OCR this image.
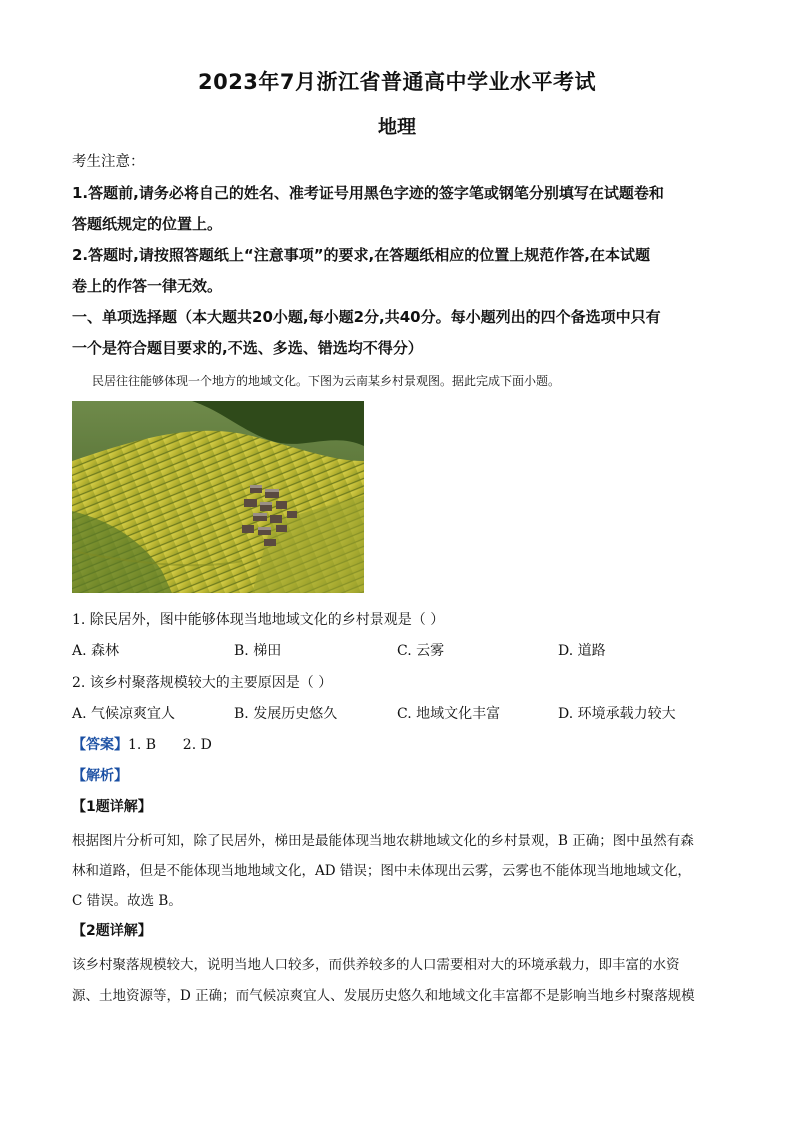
2023年7月浙江省普通高中学业水平考试
地理
考生注意：
1.答题前,请务必将自己的姓名、准考证号用黑色字迹的签字笔或钢笔分别填写在试题卷和
答题纸规定的位置上。
2.答题时,请按照答题纸上“注意事项”的要求,在答题纸相应的位置上规范作答,在本试题
卷上的作答一律无效。
一、单项选择题（本大题共20小题,每小题2分,共40分。每小题列出的四个备选项中只有
一个是符合题目要求的,不选、多选、错选均不得分）
民居往往能够体现一个地方的地域文化。下图为云南某乡村景观图。据此完成下面小题。
1. 除民居外，图中能够体现当地地域文化的乡村景观是（ ）
A. 森林	B. 梯田	C. 云雾	D. 道路
2. 该乡村聚落规模较大的主要原因是（ ）
A. 气候凉爽宜人	B. 发展历史悠久	C. 地域文化丰富	D. 环境承载力较大
【答案】1. B      2. D
【解析】
【1题详解】
根据图片分析可知，除了民居外，梯田是最能体现当地农耕地域文化的乡村景观，B 正确；图中虽然有森
林和道路，但是不能体现当地地域文化，AD 错误；图中未体现出云雾，云雾也不能体现当地地域文化，
C 错误。故选 B。
【2题详解】
该乡村聚落规模较大，说明当地人口较多，而供养较多的人口需要相对大的环境承载力，即丰富的水资
源、土地资源等，D 正确；而气候凉爽宜人、发展历史悠久和地域文化丰富都不是影响当地乡村聚落规模
